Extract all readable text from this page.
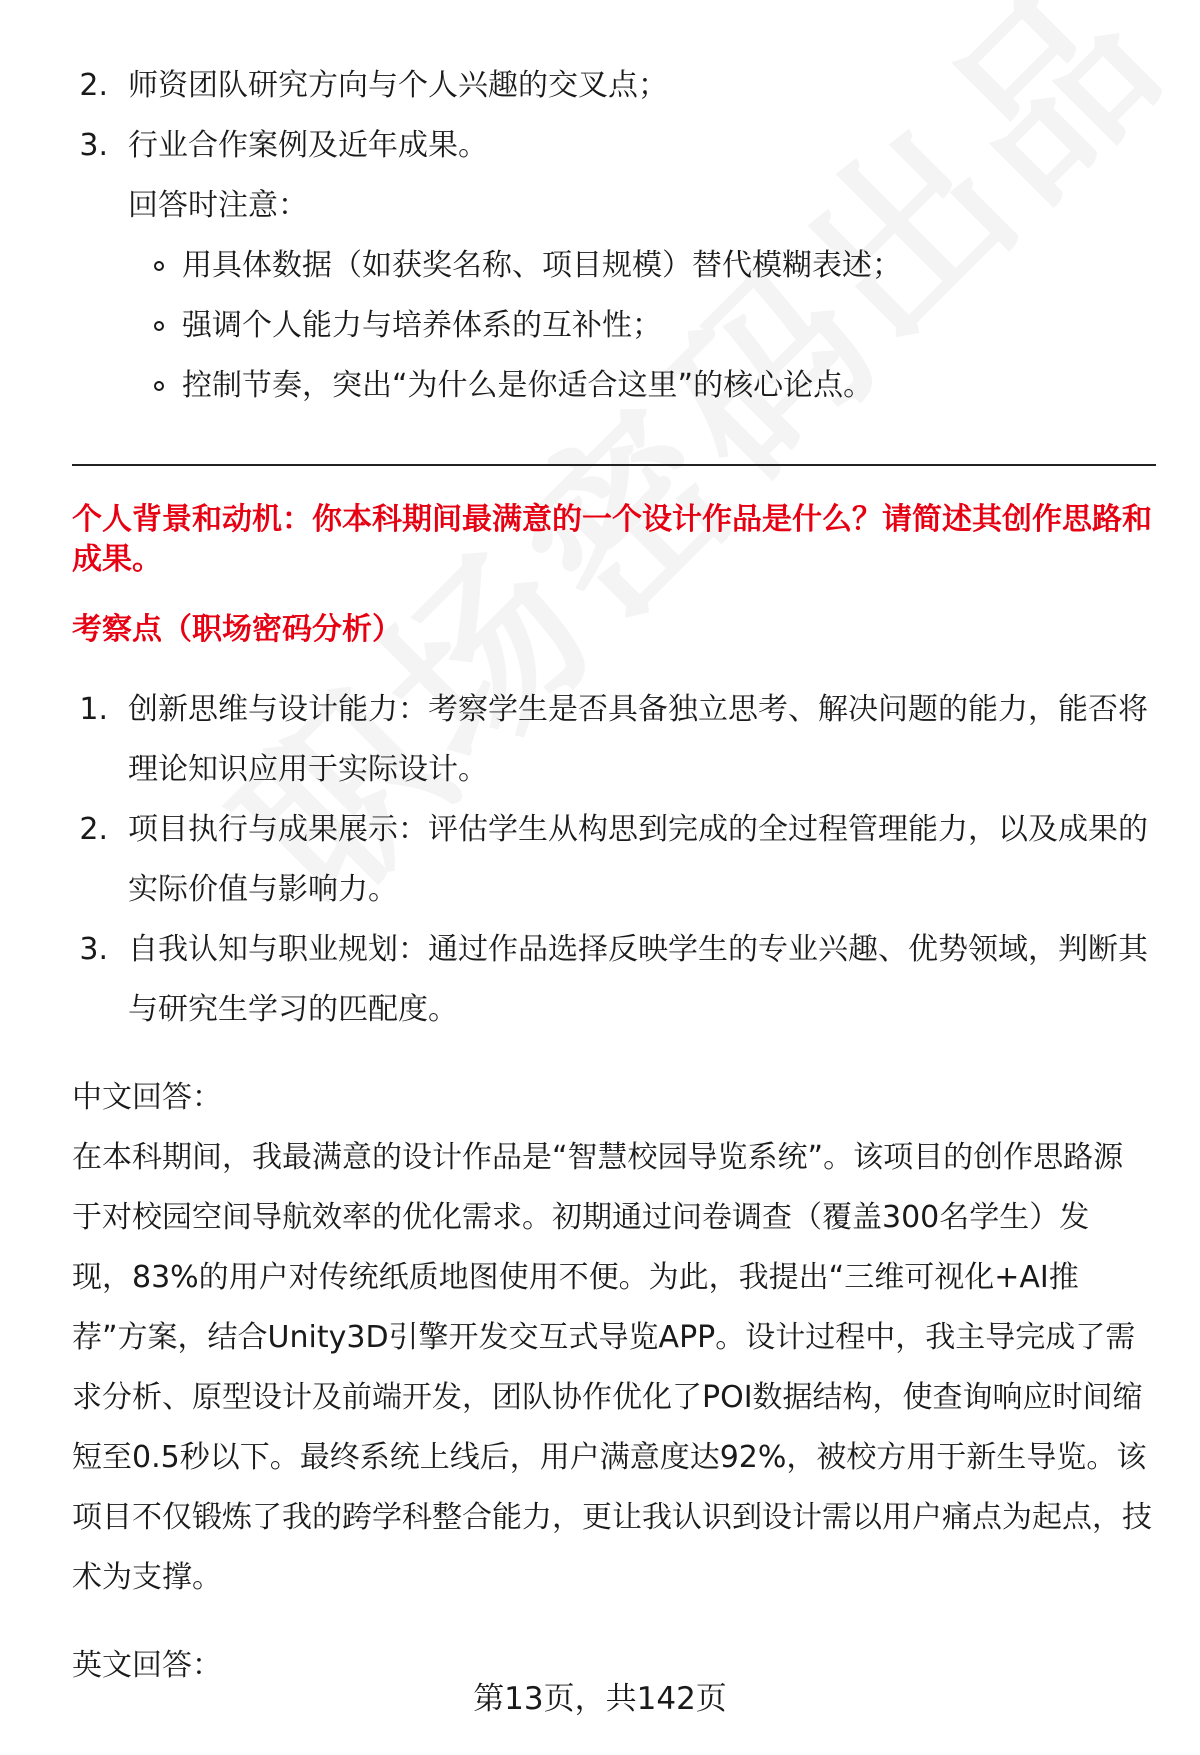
2. 师资团队研究方向与个人兴趣的交叉点；
3. 行业合作案例及近年成果。
回答时注意：
用具体数据（如获奖名称、项目规模）替代模糊表述；
强调个人能力与培养体系的互补性；
控制节奏，突出“为什么是你适合这里”的核心论点。
个人背景和动机：你本科期间最满意的一个设计作品是什么？请简述其创作思路和
成果。
考察点（职场密码分析）
1. 创新思维与设计能力：考察学生是否具备独立思考、解决问题的能力，能否将
理论知识应用于实际设计。
2. 项目执行与成果展示：评估学生从构思到完成的全过程管理能力，以及成果的
实际价值与影响力。
3. 自我认知与职业规划：通过作品选择反映学生的专业兴趣、优势领域，判断其
与研究生学习的匹配度。
中文回答：
在本科期间，我最满意的设计作品是“智慧校园导览系统”。该项目的创作思路源
于对校园空间导航效率的优化需求。初期通过问卷调查（覆盖300名学生）发
现，83%的用户对传统纸质地图使用不便。为此，我提出“三维可视化+AI推
荐”方案，结合Unity3D引擎开发交互式导览APP。设计过程中，我主导完成了需
求分析、原型设计及前端开发，团队协作优化了POI数据结构，使查询响应时间缩
短至0.5秒以下。最终系统上线后，用户满意度达92%，被校方用于新生导览。该
项目不仅锻炼了我的跨学科整合能力，更让我认识到设计需以用户痛点为起点，技
术为支撑。
英文回答：
第13页，共142页
